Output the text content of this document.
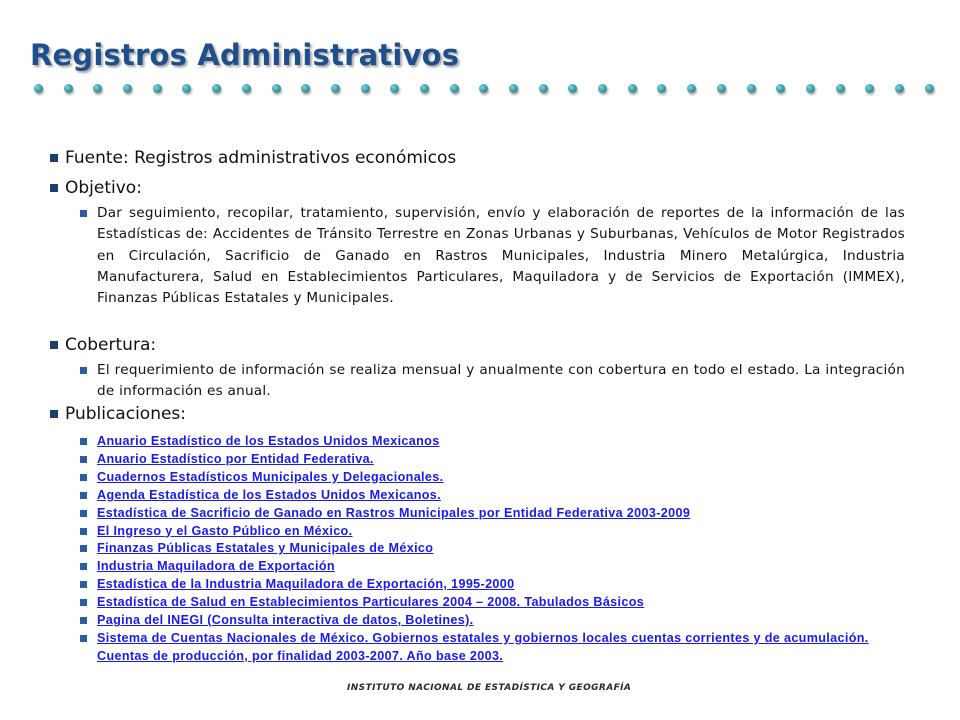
Registros Administrativos
Fuente: Registros administrativos económicos
Objetivo:
Dar seguimiento, recopilar, tratamiento, supervisión, envío y elaboración de reportes de la información de las Estadísticas de: Accidentes de Tránsito Terrestre en Zonas Urbanas y Suburbanas, Vehículos de Motor Registrados en Circulación, Sacrificio de Ganado en Rastros Municipales, Industria Minero Metalúrgica, Industria Manufacturera, Salud en Establecimientos Particulares, Maquiladora y de Servicios de Exportación (IMMEX), Finanzas Públicas Estatales y Municipales.
Cobertura:
El requerimiento de información se realiza mensual y anualmente con cobertura en todo el estado. La integración de información es anual.
Publicaciones:
Anuario Estadístico de los Estados Unidos Mexicanos
Anuario Estadístico por Entidad Federativa.
Cuadernos Estadísticos Municipales y Delegacionales.
Agenda Estadística de los Estados Unidos Mexicanos.
Estadística de Sacrificio de Ganado en Rastros Municipales por Entidad Federativa 2003-2009
El Ingreso y el Gasto Público en México.
Finanzas Públicas Estatales y Municipales de México
Industria Maquiladora de Exportación
Estadística de la Industria Maquiladora de Exportación, 1995-2000
Estadística de Salud en Establecimientos Particulares 2004 – 2008. Tabulados Básicos
Pagina del INEGI (Consulta interactiva de datos, Boletines).
Sistema de Cuentas Nacionales de México. Gobiernos estatales y gobiernos locales cuentas corrientes y de acumulación. Cuentas de producción, por finalidad 2003-2007. Año base 2003.
INSTITUTO NACIONAL DE ESTADÍSTICA Y GEOGRAFÍA
